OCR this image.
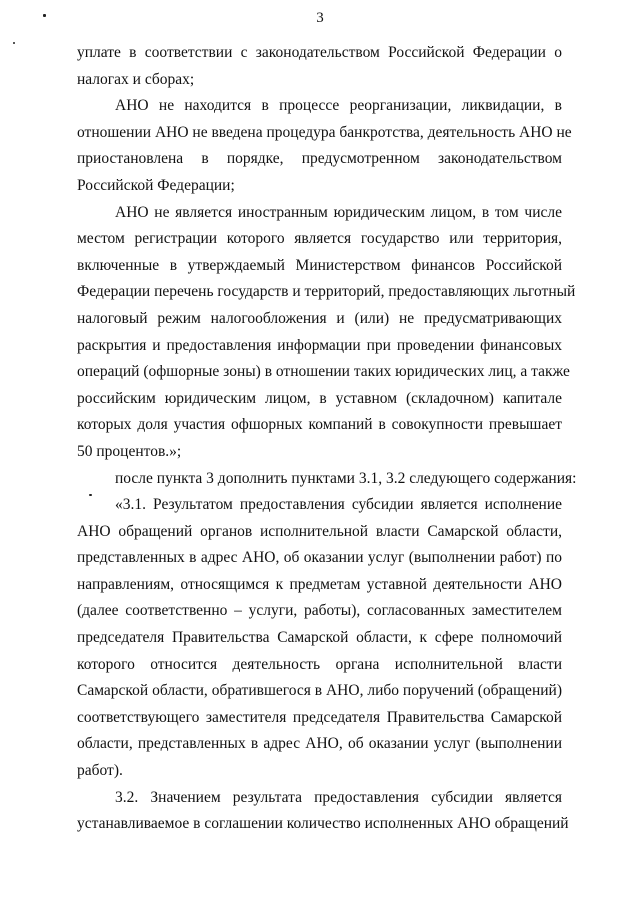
3
уплате в соответствии с законодательством Российской Федерации о
налогах и сборах;
АНО не находится в процессе реорганизации, ликвидации, в
отношении АНО не введена процедура банкротства, деятельность АНО не
приостановлена в порядке, предусмотренном законодательством
Российской Федерации;
АНО не является иностранным юридическим лицом, в том числе
местом регистрации которого является государство или территория,
включенные в утверждаемый Министерством финансов Российской
Федерации перечень государств и территорий, предоставляющих льготный
налоговый режим налогообложения и (или) не предусматривающих
раскрытия и предоставления информации при проведении финансовых
операций (офшорные зоны) в отношении таких юридических лиц, а также
российским юридическим лицом, в уставном (складочном) капитале
которых доля участия офшорных компаний в совокупности превышает
50 процентов.»;
после пункта 3 дополнить пунктами 3.1, 3.2 следующего содержания:
«3.1. Результатом предоставления субсидии является исполнение
АНО обращений органов исполнительной власти Самарской области,
представленных в адрес АНО, об оказании услуг (выполнении работ) по
направлениям, относящимся к предметам уставной деятельности АНО
(далее соответственно – услуги, работы), согласованных заместителем
председателя Правительства Самарской области, к сфере полномочий
которого относится деятельность органа исполнительной власти
Самарской области, обратившегося в АНО, либо поручений (обращений)
соответствующего заместителя председателя Правительства Самарской
области, представленных в адрес АНО, об оказании услуг (выполнении
работ).
3.2. Значением результата предоставления субсидии является
устанавливаемое в соглашении количество исполненных АНО обращений
